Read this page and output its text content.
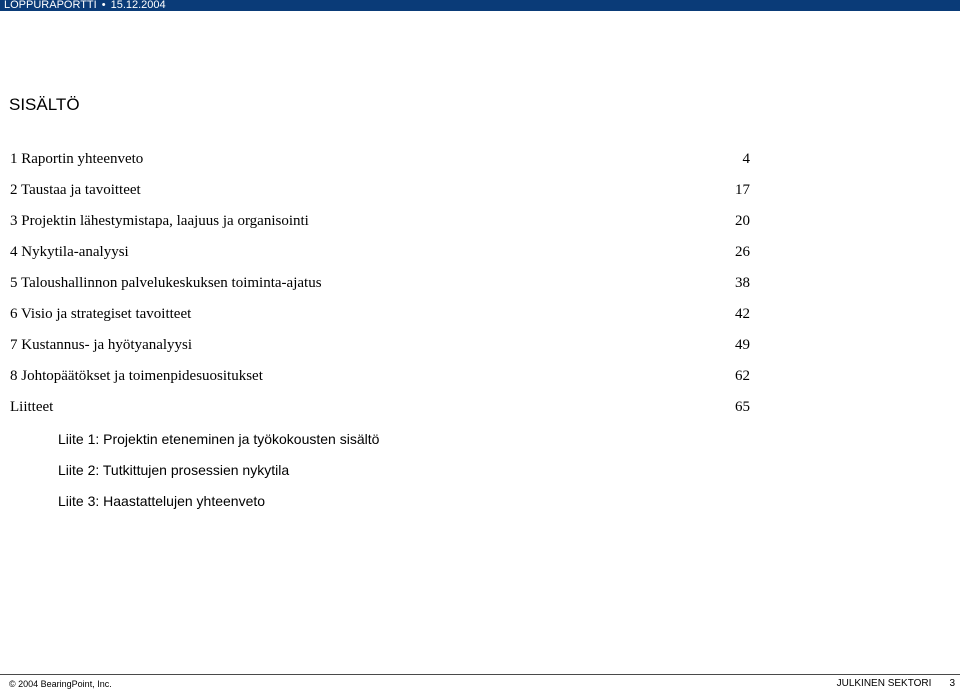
LOPPURAPORTTI • 15.12.2004
SISÄLTÖ
1 Raportin yhteenveto	4
2 Taustaa ja tavoitteet	17
3 Projektin lähestymistapa, laajuus ja organisointi	20
4 Nykytila-analyysi	26
5 Taloushallinnon palvelukeskuksen toiminta-ajatus	38
6 Visio ja strategiset tavoitteet	42
7 Kustannus- ja hyötyanalyysi	49
8 Johtopäätökset ja toimenpidesuositukset	62
Liitteet	65
Liite 1: Projektin eteneminen ja työkokousten sisältö
Liite 2: Tutkittujen prosessien nykytila
Liite 3: Haastattelujen yhteenveto
© 2004 BearingPoint, Inc.	JULKINEN SEKTORI 3
